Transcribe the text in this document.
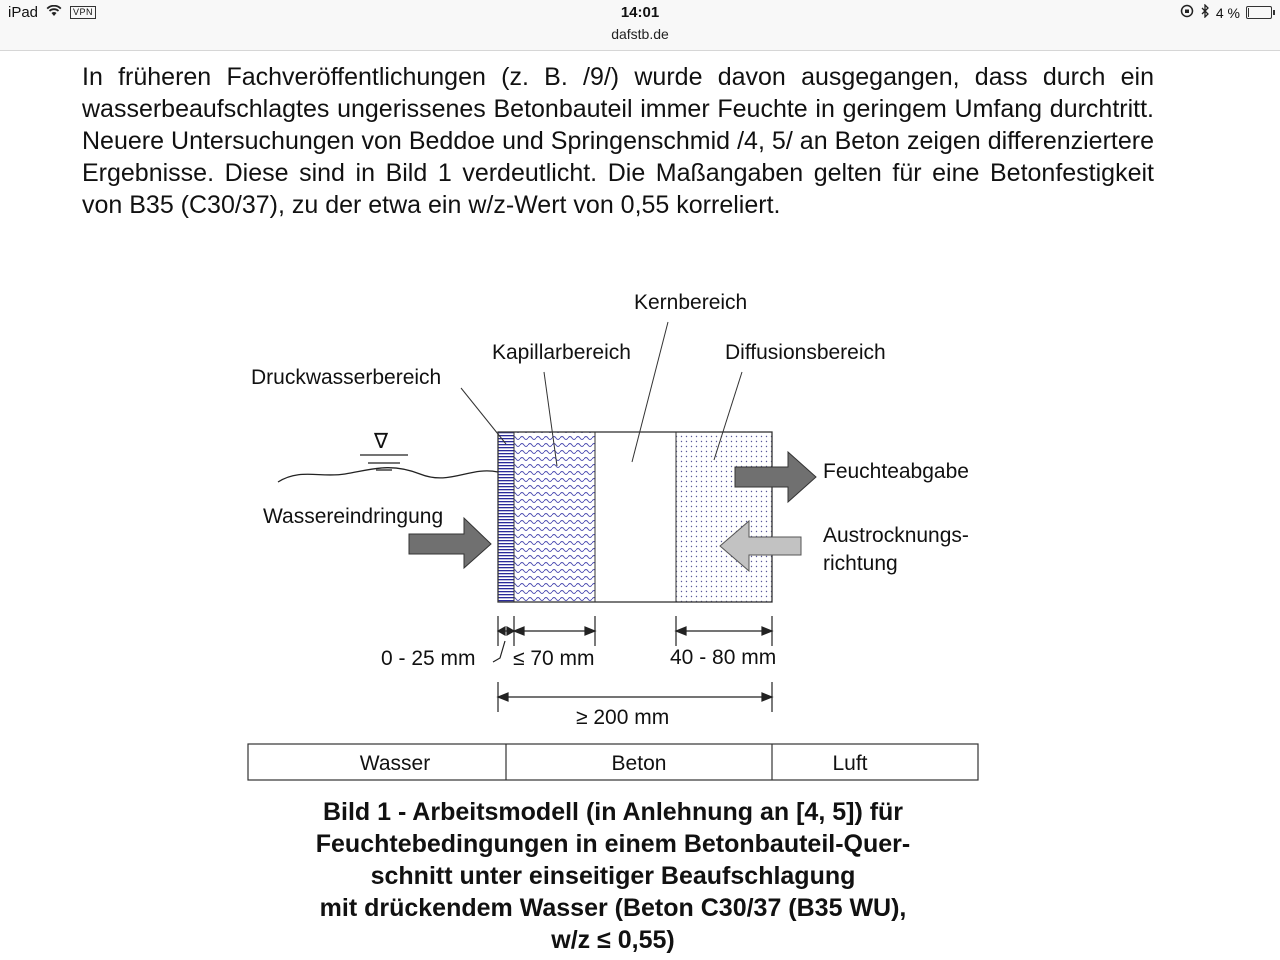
iPad	VPN	14:01
dafstb.de
4 %

In früheren Fachveröffentlichungen (z. B. /9/) wurde davon ausgegangen, dass durch ein wasserbeaufschlagtes ungerissenes Betonbauteil immer Feuchte in geringem Umfang durchtritt. Neuere Untersuchungen von Beddoe und Springenschmid /4, 5/ an Beton zeigen differenziertere Ergebnisse. Diese sind in Bild 1 verdeutlicht. Die Maßangaben gelten für eine Betonfestigkeit von B35 (C30/37), zu der etwa ein w/z-Wert von 0,55 korreliert.

∇
Kernbereich
Kapillarbereich	Diffusionsbereich
Druckwasserbereich
Wassereindringung
Feuchteabgabe
Austrocknungs-
richtung
0 - 25 mm ≤ 70 mm	40 - 80 mm
≥ 200 mm
Wasser	Beton	Luft
Bild 1 - Arbeitsmodell (in Anlehnung an [4, 5]) für
Feuchtebedingungen in einem Betonbauteil-Quer-
schnitt unter einseitiger Beaufschlagung
mit drückendem Wasser (Beton C30/37 (B35 WU),
w/z ≤ 0,55)
